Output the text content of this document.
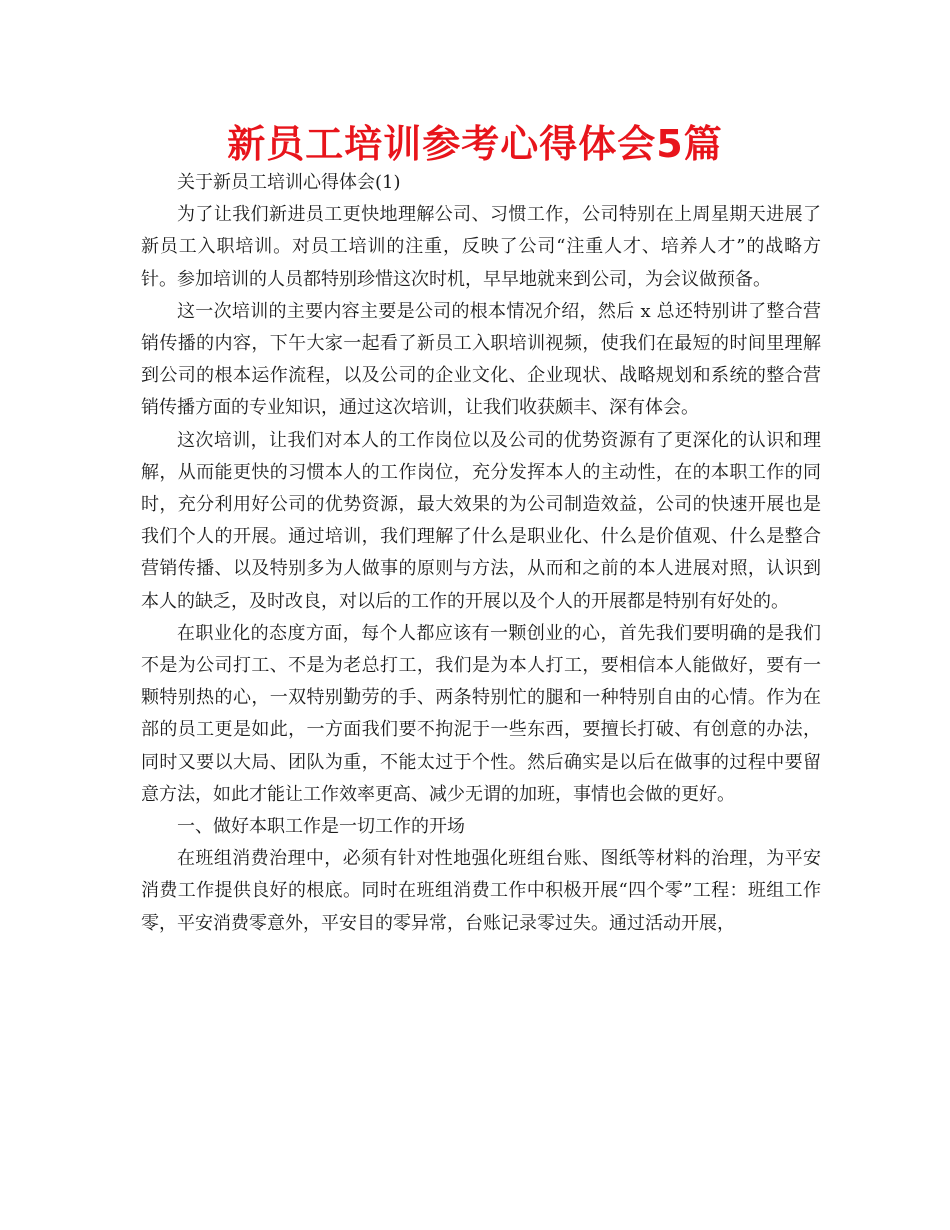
新员工培训参考心得体会5篇

关于新员工培训心得体会(1)

为了让我们新进员工更快地理解公司、习惯工作，公司特别在上周星期天进展了新员工入职培训。对员工培训的注重，反映了公司“注重人才、培养人才”的战略方针。参加培训的人员都特别珍惜这次时机，早早地就来到公司，为会议做预备。

这一次培训的主要内容主要是公司的根本情况介绍，然后 x 总还特别讲了整合营销传播的内容，下午大家一起看了新员工入职培训视频，使我们在最短的时间里理解到公司的根本运作流程，以及公司的企业文化、企业现状、战略规划和系统的整合营销传播方面的专业知识，通过这次培训，让我们收获颇丰、深有体会。

这次培训，让我们对本人的工作岗位以及公司的优势资源有了更深化的认识和理解，从而能更快的习惯本人的工作岗位，充分发挥本人的主动性，在的本职工作的同时，充分利用好公司的优势资源，最大效果的为公司制造效益，公司的快速开展也是我们个人的开展。通过培训，我们理解了什么是职业化、什么是价值观、什么是整合营销传播、以及特别多为人做事的原则与方法，从而和之前的本人进展对照，认识到本人的缺乏，及时改良，对以后的工作的开展以及个人的开展都是特别有好处的。

在职业化的态度方面，每个人都应该有一颗创业的心，首先我们要明确的是我们不是为公司打工、不是为老总打工，我们是为本人打工，要相信本人能做好，要有一颗特别热的心，一双特别勤劳的手、两条特别忙的腿和一种特别自由的心情。作为在部的员工更是如此，一方面我们要不拘泥于一些东西，要擅长打破、有创意的办法，同时又要以大局、团队为重，不能太过于个性。然后确实是以后在做事的过程中要留意方法，如此才能让工作效率更高、减少无谓的加班，事情也会做的更好。

一、做好本职工作是一切工作的开场

在班组消费治理中，必须有针对性地强化班组台账、图纸等材料的治理，为平安消费工作提供良好的根底。同时在班组消费工作中积极开展“四个零”工程：班组工作零，平安消费零意外，平安目的零异常，台账记录零过失。通过活动开展，
